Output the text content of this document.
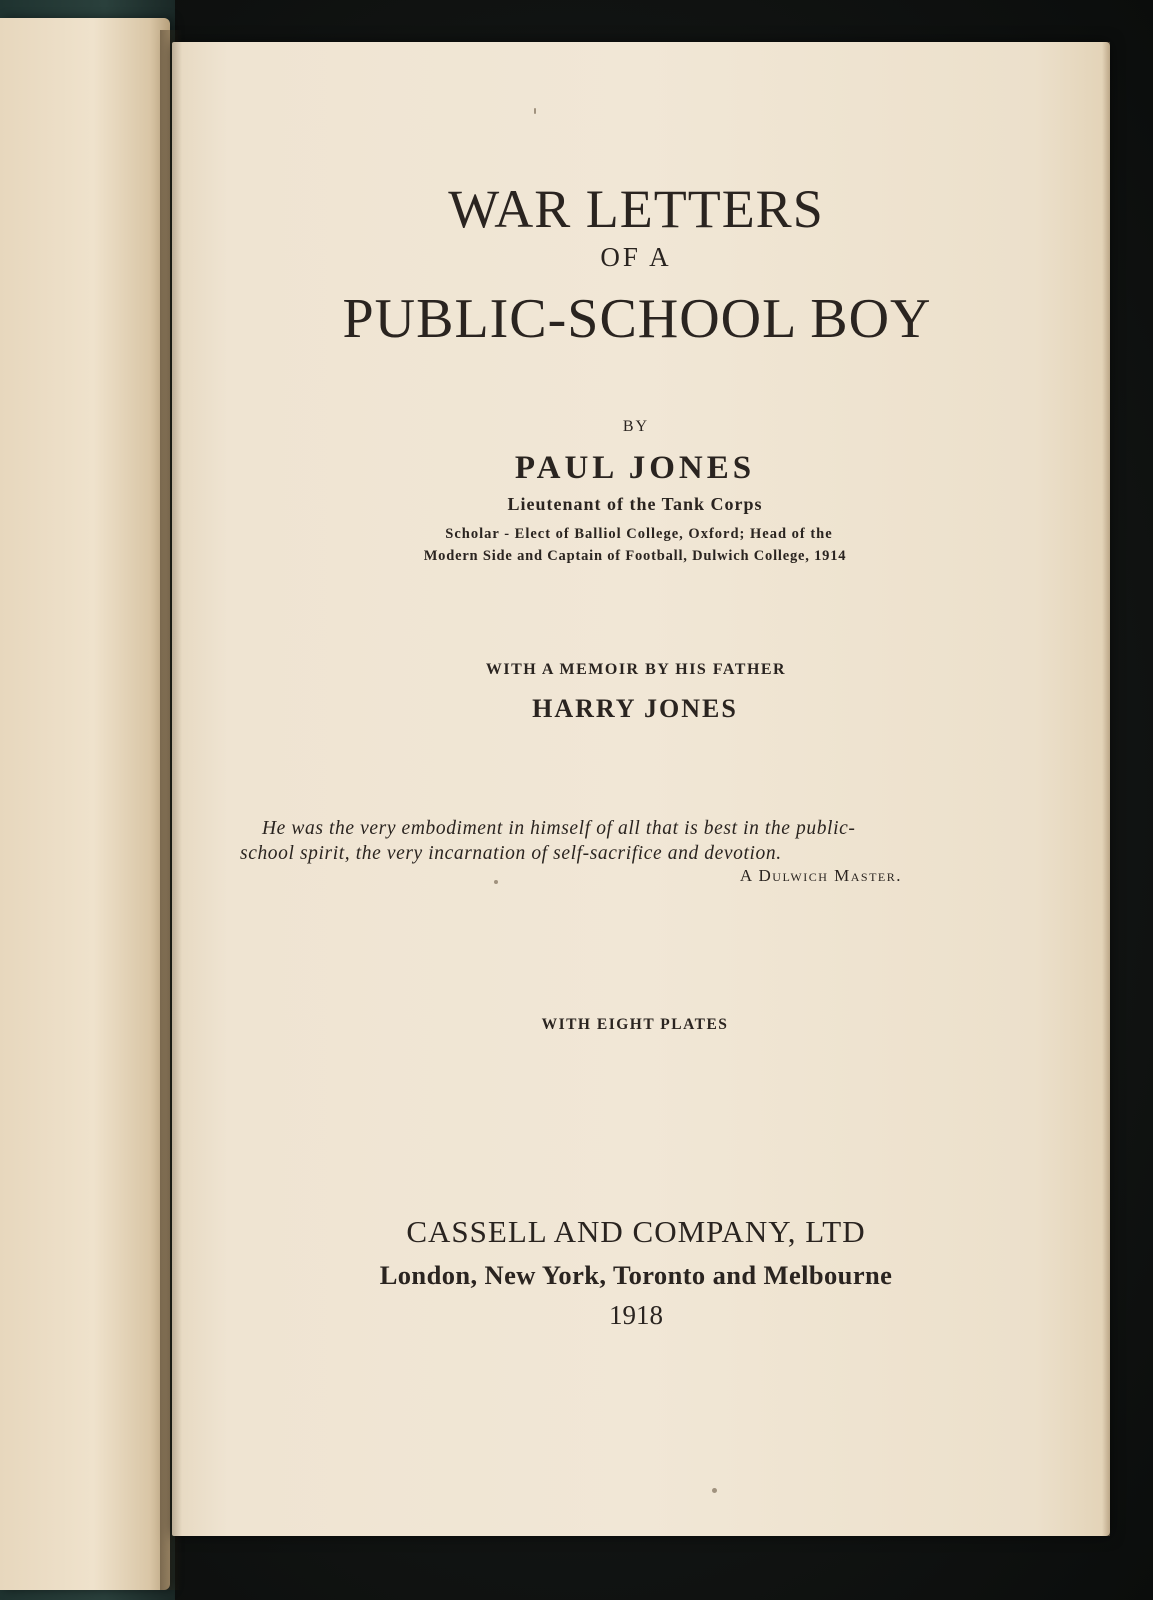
WAR LETTERS
OF A
PUBLIC-SCHOOL BOY
BY
PAUL JONES
Lieutenant of the Tank Corps
Scholar - Elect of Balliol College, Oxford; Head of the
Modern Side and Captain of Football, Dulwich College, 1914
WITH A MEMOIR BY HIS FATHER
HARRY JONES
He was the very embodiment in himself of all that is best in the public-
school spirit, the very incarnation of self-sacrifice and devotion.
A Dulwich Master.
WITH EIGHT PLATES
CASSELL AND COMPANY, LTD
London, New York, Toronto and Melbourne
1918
